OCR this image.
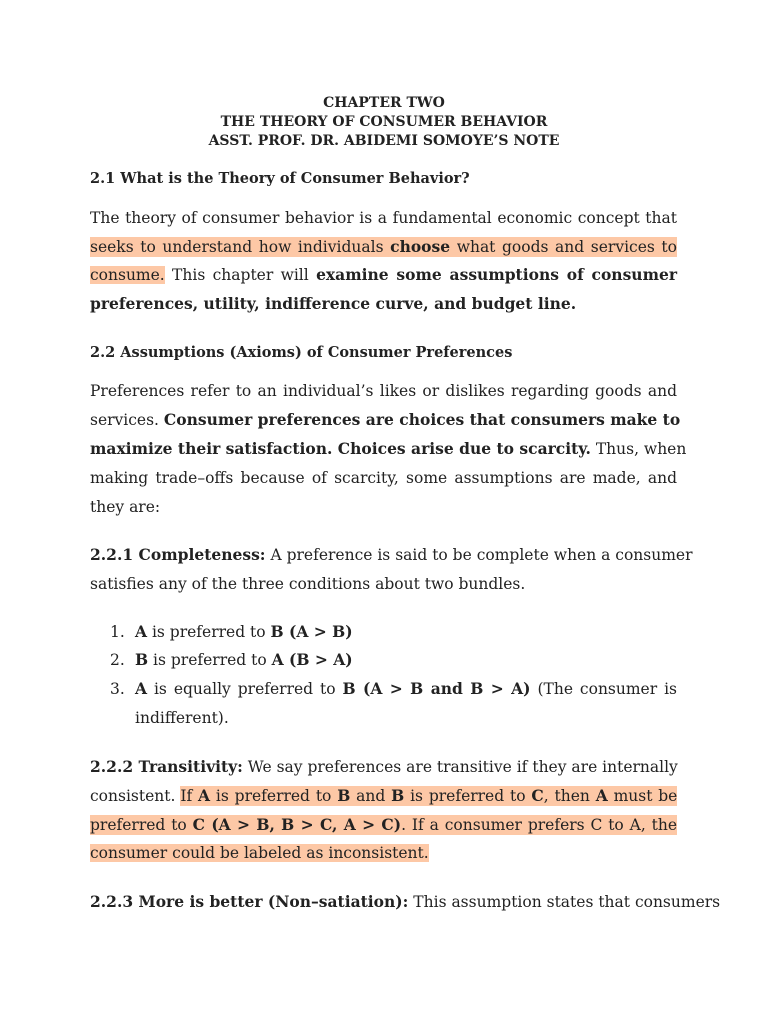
CHAPTER TWO
THE THEORY OF CONSUMER BEHAVIOR
ASST. PROF. DR. ABIDEMI SOMOYE’S NOTE
2.1 What is the Theory of Consumer Behavior?
The theory of consumer behavior is a fundamental economic concept that
seeks to understand how individuals choose what goods and services to
consume. This chapter will examine some assumptions of consumer
preferences, utility, indifference curve, and budget line.
2.2 Assumptions (Axioms) of Consumer Preferences
Preferences refer to an individual’s likes or dislikes regarding goods and
services. Consumer preferences are choices that consumers make to
maximize their satisfaction. Choices arise due to scarcity. Thus, when
making trade–offs because of scarcity, some assumptions are made, and
they are:
2.2.1 Completeness: A preference is said to be complete when a consumer
satisfies any of the three conditions about two bundles.
1. A is preferred to B (A > B)
2. B is preferred to A (B > A)
3. A is equally preferred to B (A > B and B > A) (The consumer is
indifferent).
2.2.2 Transitivity: We say preferences are transitive if they are internally
consistent. If A is preferred to B and B is preferred to C, then A must be
preferred to C (A > B, B > C, A > C). If a consumer prefers C to A, the
consumer could be labeled as inconsistent.
2.2.3 More is better (Non–satiation): This assumption states that consumers
